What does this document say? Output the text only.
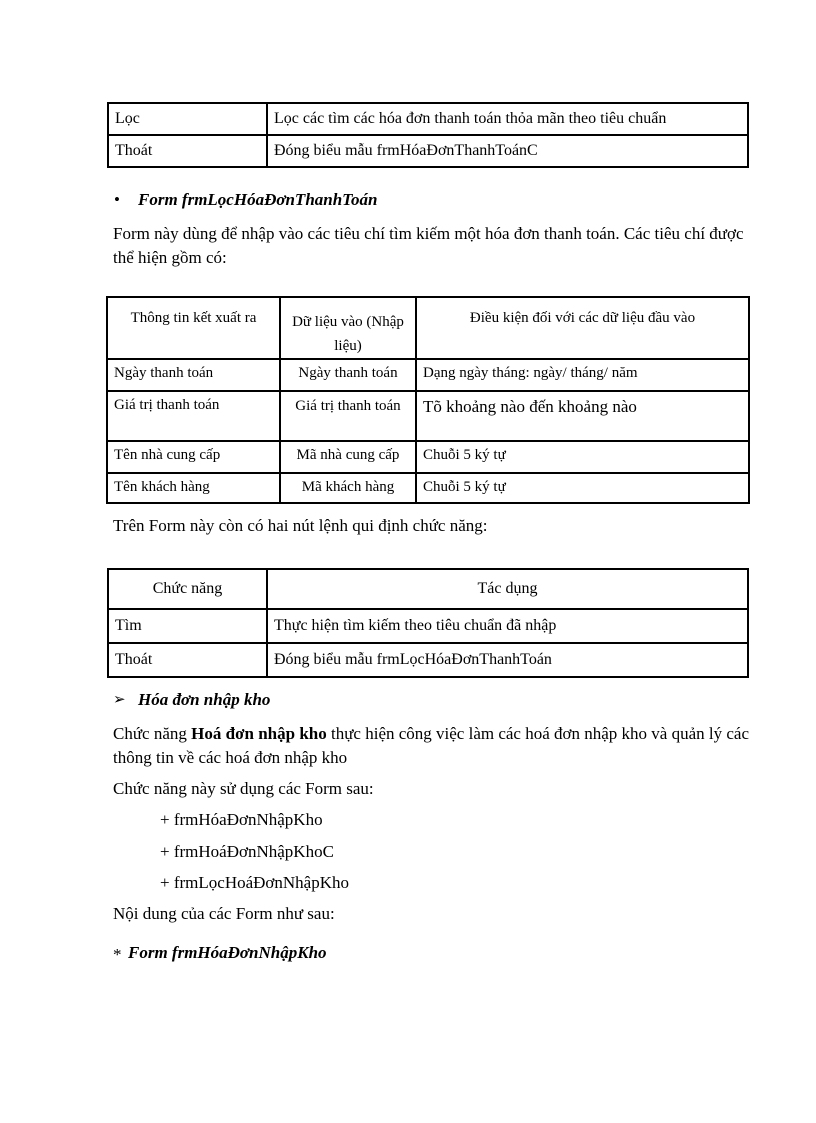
Lọc	Lọc các tìm các hóa đơn thanh toán thỏa mãn theo tiêu chuẩn
Thoát	Đóng biểu mẫu frmHóaĐơnThanhToánC
• Form frmLọcHóaĐơnThanhToán
Form này dùng để nhập vào các tiêu chí tìm kiếm một hóa đơn thanh toán. Các tiêu chí được thể hiện gồm có:
Thông tin kết xuất ra	Dữ liệu vào (Nhập liệu)	Điều kiện đối với các dữ liệu đầu vào
Ngày thanh toán	Ngày thanh toán	Dạng ngày tháng: ngày/ tháng/ năm
Giá trị thanh toán	Giá trị thanh toán	Tõ khoảng nào đến khoảng nào
Tên nhà cung cấp	Mã nhà cung cấp	Chuỗi 5 ký tự
Tên khách hàng	Mã khách hàng	Chuỗi 5 ký tự
Trên Form này còn có hai nút lệnh qui định chức năng:
Chức năng	Tác dụng
Tìm	Thực hiện tìm kiếm theo tiêu chuẩn đã nhập
Thoát	Đóng biểu mẫu frmLọcHóaĐơnThanhToán
➢ Hóa đơn nhập kho
Chức năng Hoá đơn nhập kho thực hiện công việc làm các hoá đơn nhập kho và quản lý các thông tin về các hoá đơn nhập kho
Chức năng này sử dụng các Form sau:
+ frmHóaĐơnNhậpKho
+ frmHoáĐơnNhậpKhoC
+ frmLọcHoáĐơnNhậpKho
Nội dung của các Form như sau:
* Form frmHóaĐơnNhậpKho
